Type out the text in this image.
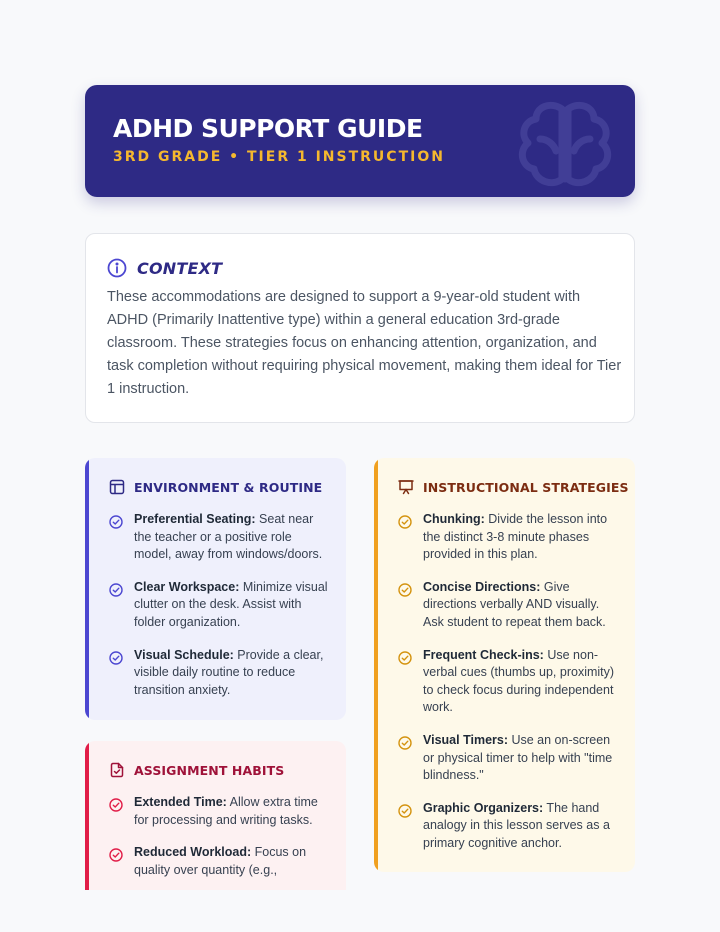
ADHD SUPPORT GUIDE
3RD GRADE • TIER 1 INSTRUCTION
CONTEXT

These accommodations are designed to support a 9-year-old student with ADHD (Primarily Inattentive type) within a general education 3rd-grade classroom. These strategies focus on enhancing attention, organization, and task completion without requiring physical movement, making them ideal for Tier 1 instruction.

ENVIRONMENT & ROUTINE
Preferential Seating: Seat near the teacher or a positive role model, away from windows/doors.
Clear Workspace: Minimize visual clutter on the desk. Assist with folder organization.
Visual Schedule: Provide a clear, visible daily routine to reduce transition anxiety.
INSTRUCTIONAL STRATEGIES
Chunking: Divide the lesson into the distinct 3-8 minute phases provided in this plan.
Concise Directions: Give directions verbally AND visually. Ask student to repeat them back.
Frequent Check-ins: Use non-verbal cues (thumbs up, proximity) to check focus during independent work.
Visual Timers: Use an on-screen or physical timer to help with "time blindness."
Graphic Organizers: The hand analogy in this lesson serves as a primary cognitive anchor.
ASSIGNMENT HABITS
Extended Time: Allow extra time for processing and writing tasks.
Reduced Workload: Focus on quality over quantity (e.g.,
